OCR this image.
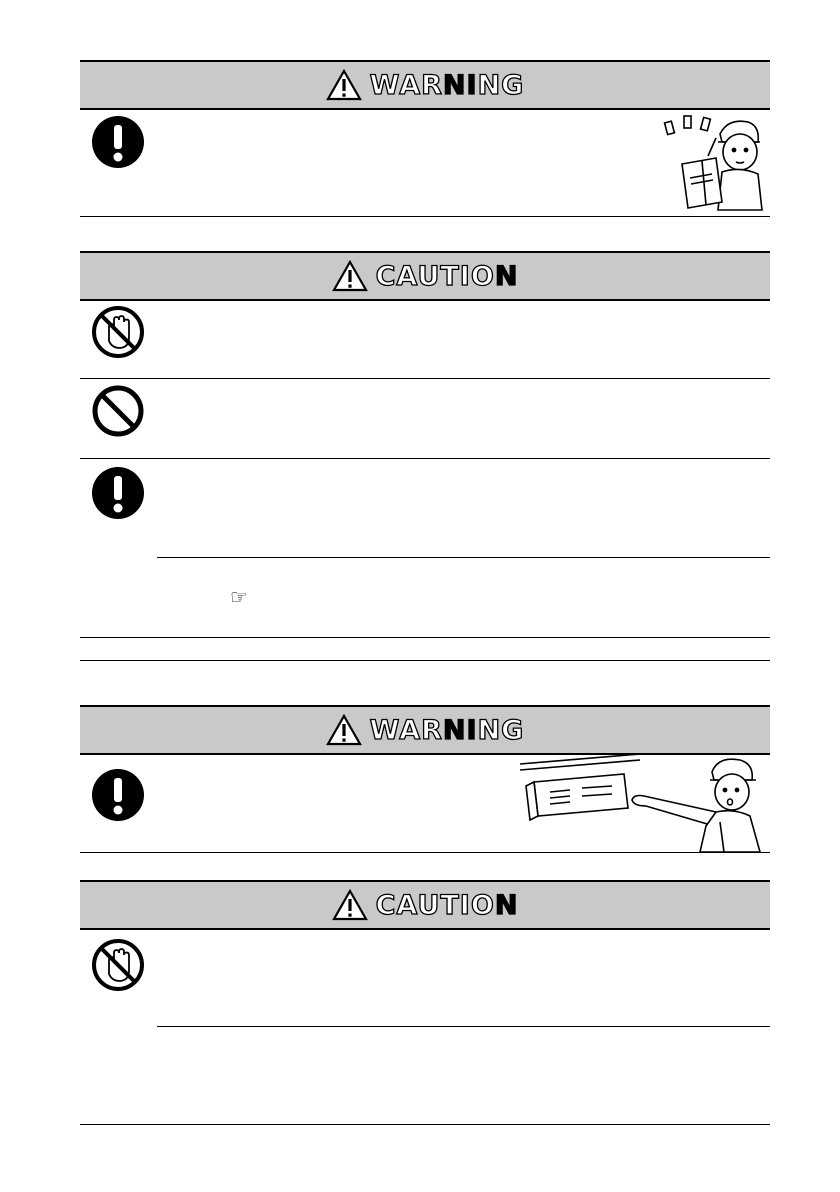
WARNING
CAUTION
☞
WARNING
CAUTION
